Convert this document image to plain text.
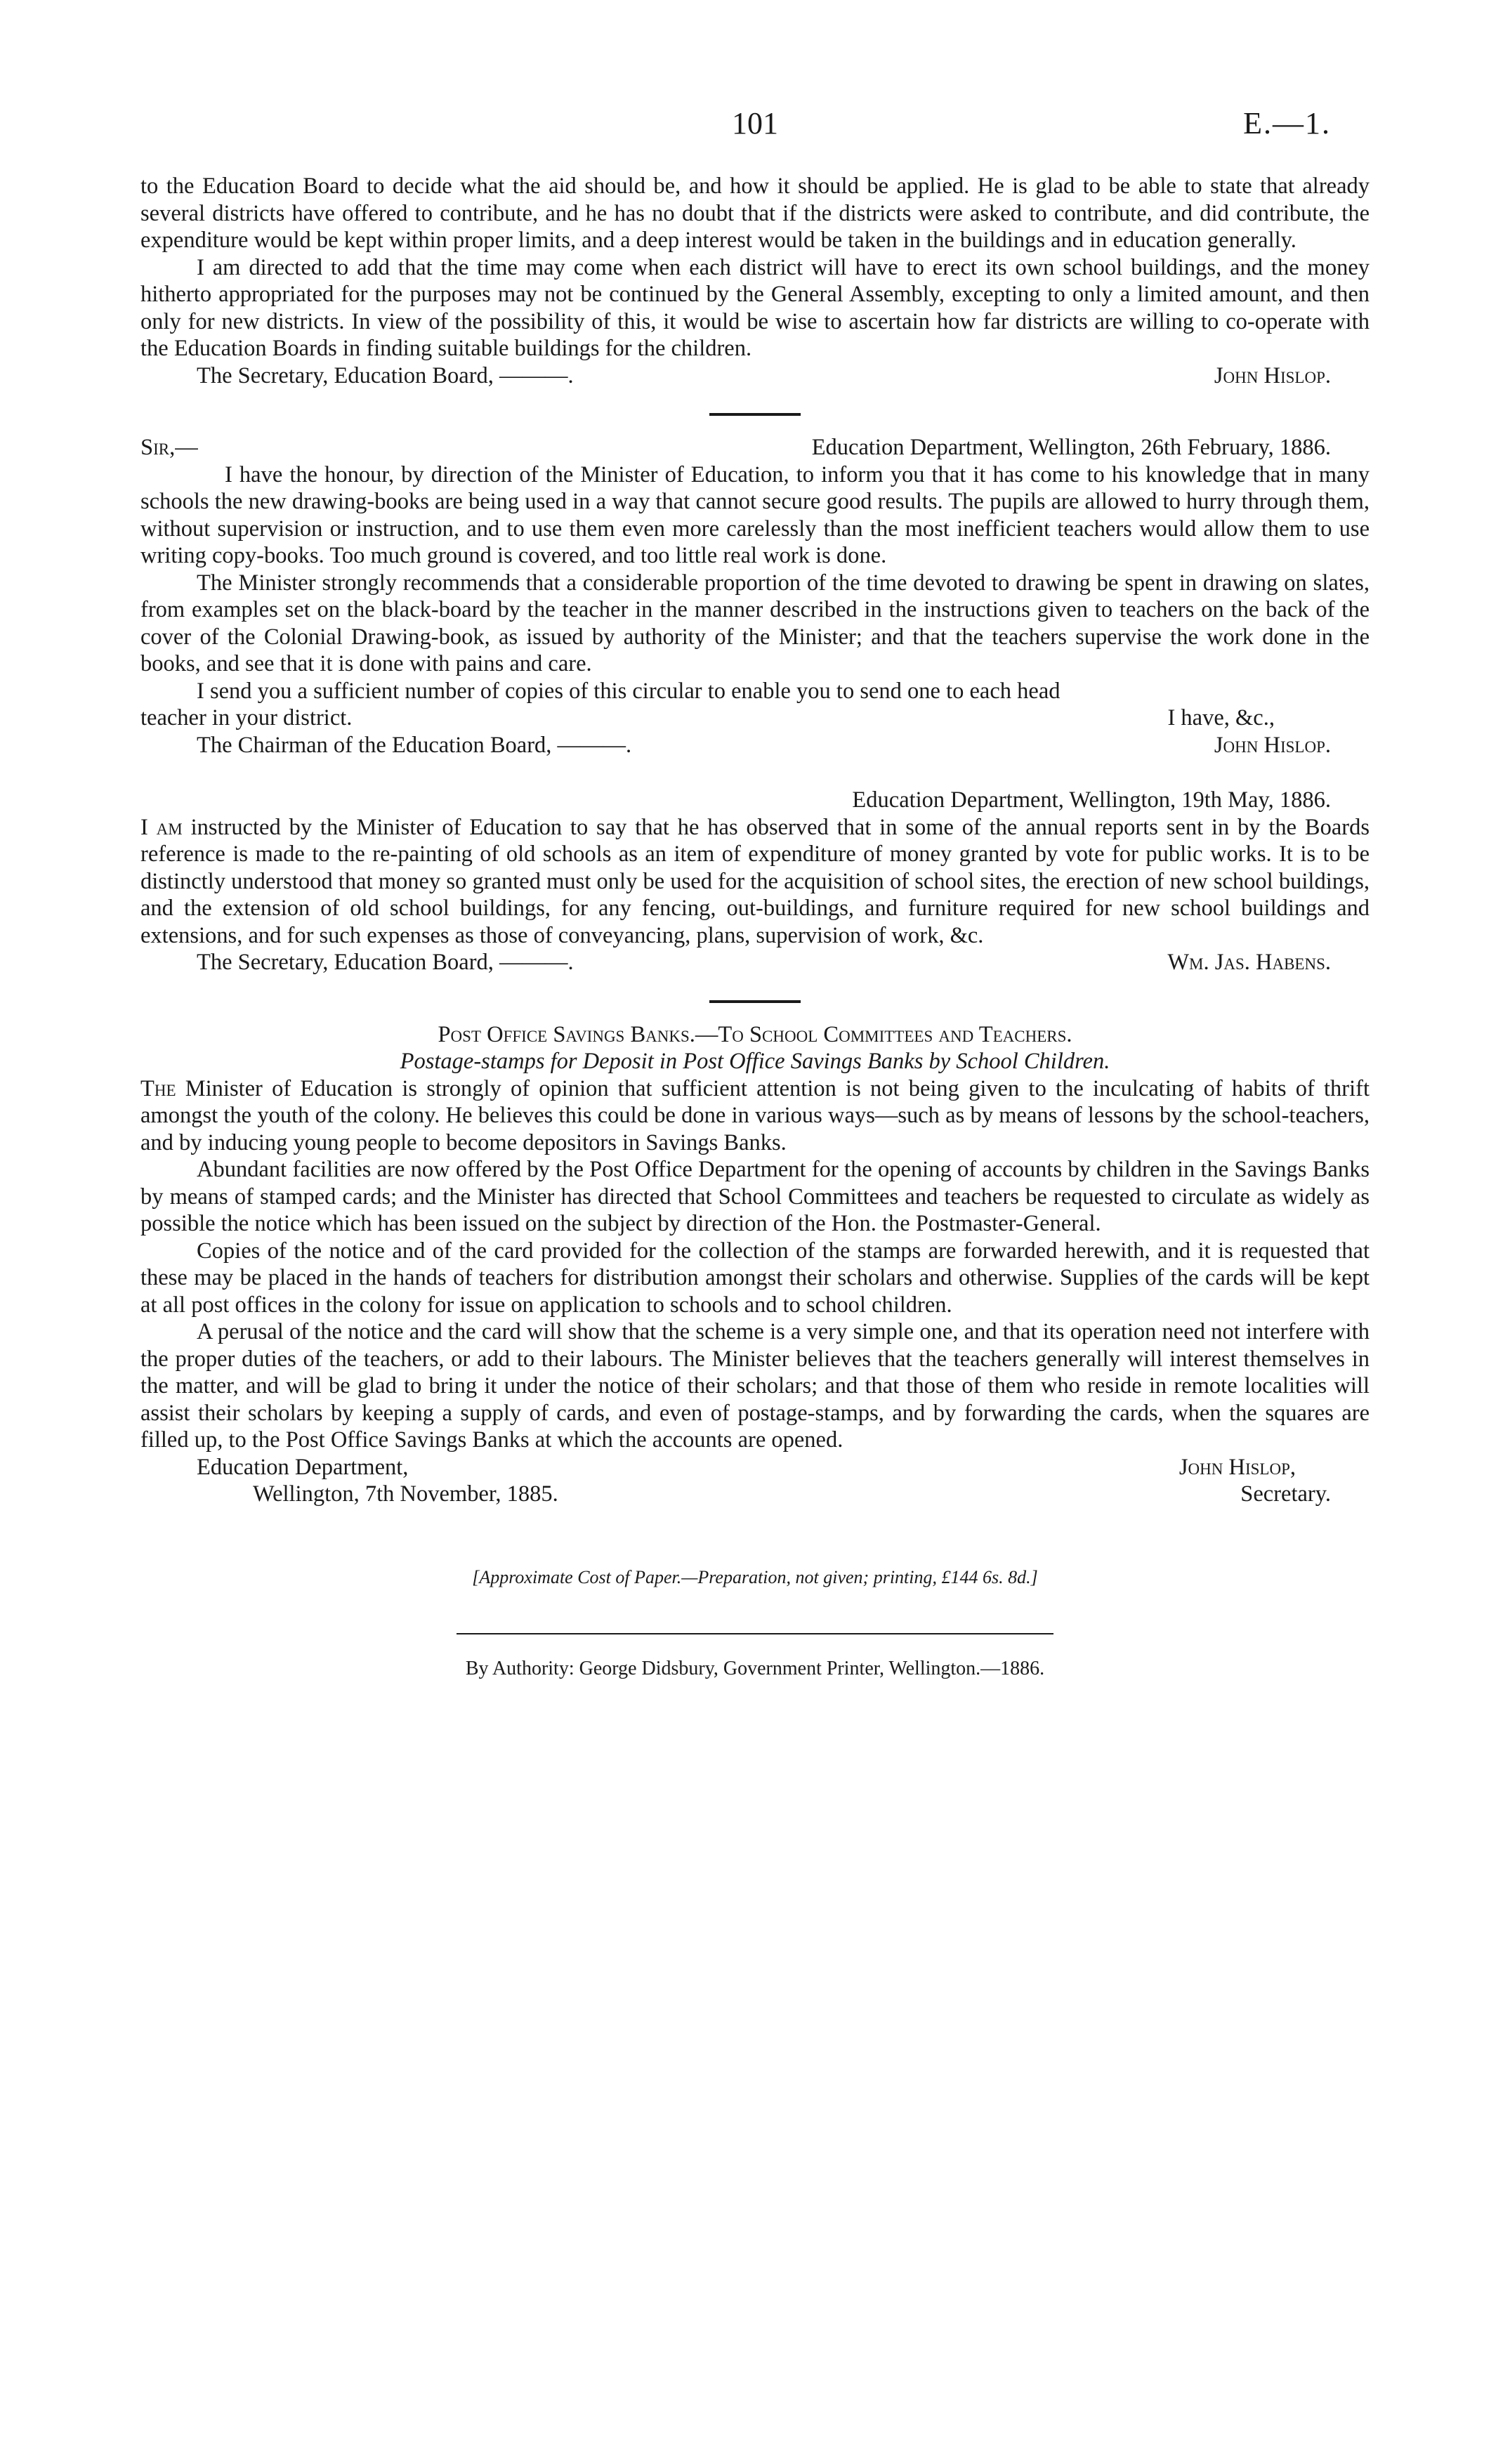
101	E.—1.

to the Education Board to decide what the aid should be, and how it should be applied. He is glad to be able to state that already several districts have offered to contribute, and he has no doubt that if the districts were asked to contribute, and did contribute, the expenditure would be kept within proper limits, and a deep interest would be taken in the buildings and in education generally.

I am directed to add that the time may come when each district will have to erect its own school buildings, and the money hitherto appropriated for the purposes may not be continued by the General Assembly, excepting to only a limited amount, and then only for new districts. In view of the possibility of this, it would be wise to ascertain how far districts are willing to co-operate with the Education Boards in finding suitable buildings for the children.

The Secretary, Education Board, ———.	John Hislop.
Sir,—	Education Department, Wellington, 26th February, 1886.

I have the honour, by direction of the Minister of Education, to inform you that it has come to his knowledge that in many schools the new drawing-books are being used in a way that cannot secure good results. The pupils are allowed to hurry through them, without supervision or instruction, and to use them even more carelessly than the most inefficient teachers would allow them to use writing copy-books. Too much ground is covered, and too little real work is done.

The Minister strongly recommends that a considerable proportion of the time devoted to drawing be spent in drawing on slates, from examples set on the black-board by the teacher in the manner described in the instructions given to teachers on the back of the cover of the Colonial Drawing-book, as issued by authority of the Minister; and that the teachers supervise the work done in the books, and see that it is done with pains and care.

I send you a sufficient number of copies of this circular to enable you to send one to each head

teacher in your district.	I have, &c.,
The Chairman of the Education Board, ———.	John Hislop.
Education Department, Wellington, 19th May, 1886.

I am instructed by the Minister of Education to say that he has observed that in some of the annual reports sent in by the Boards reference is made to the re-painting of old schools as an item of expenditure of money granted by vote for public works. It is to be distinctly understood that money so granted must only be used for the acquisition of school sites, the erection of new school buildings, and the extension of old school buildings, for any fencing, out-buildings, and furniture required for new school buildings and extensions, and for such expenses as those of conveyancing, plans, supervision of work, &c.

The Secretary, Education Board, ———.	Wm. Jas. Habens.
Post Office Savings Banks.—To School Committees and Teachers.
Postage-stamps for Deposit in Post Office Savings Banks by School Children.

The Minister of Education is strongly of opinion that sufficient attention is not being given to the inculcating of habits of thrift amongst the youth of the colony. He believes this could be done in various ways—such as by means of lessons by the school-teachers, and by inducing young people to become depositors in Savings Banks.

Abundant facilities are now offered by the Post Office Department for the opening of accounts by children in the Savings Banks by means of stamped cards; and the Minister has directed that School Committees and teachers be requested to circulate as widely as possible the notice which has been issued on the subject by direction of the Hon. the Postmaster-General.

Copies of the notice and of the card provided for the collection of the stamps are forwarded herewith, and it is requested that these may be placed in the hands of teachers for distribution amongst their scholars and otherwise. Supplies of the cards will be kept at all post offices in the colony for issue on application to schools and to school children.

A perusal of the notice and the card will show that the scheme is a very simple one, and that its operation need not interfere with the proper duties of the teachers, or add to their labours. The Minister believes that the teachers generally will interest themselves in the matter, and will be glad to bring it under the notice of their scholars; and that those of them who reside in remote localities will assist their scholars by keeping a supply of cards, and even of postage-stamps, and by forwarding the cards, when the squares are filled up, to the Post Office Savings Banks at which the accounts are opened.

Education Department,
Wellington, 7th November, 1885.
John Hislop,
Secretary.
[Approximate Cost of Paper.—Preparation, not given; printing, £144 6s. 8d.]
By Authority: George Didsbury, Government Printer, Wellington.—1886.
